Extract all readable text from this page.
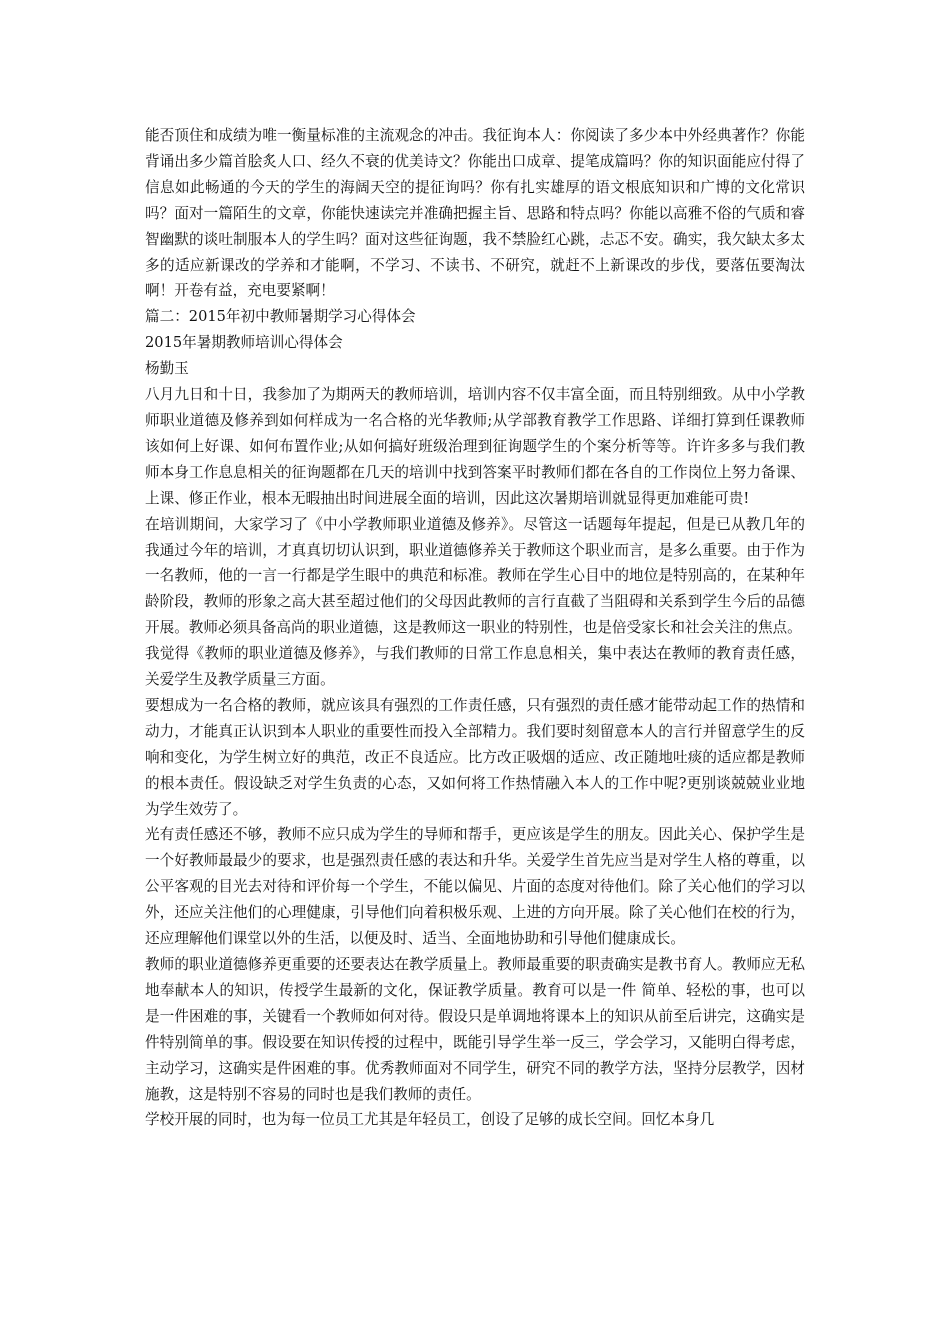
能否顶住和成绩为唯一衡量标准的主流观念的冲击。我征询本人：你阅读了多少本中外经典著作？你能背诵出多少篇首脍炙人口、经久不衰的优美诗文？你能出口成章、提笔成篇吗？你的知识面能应付得了信息如此畅通的今天的学生的海阔天空的提征询吗？你有扎实雄厚的语文根底知识和广博的文化常识吗？面对一篇陌生的文章，你能快速读完并准确把握主旨、思路和特点吗？你能以高雅不俗的气质和睿智幽默的谈吐制服本人的学生吗？面对这些征询题，我不禁脸红心跳，忐忑不安。确实，我欠缺太多太多的适应新课改的学养和才能啊，不学习、不读书、不研究，就赶不上新课改的步伐，要落伍要淘汰啊！开卷有益，充电要紧啊！

篇二：2015年初中教师暑期学习心得体会

2015年暑期教师培训心得体会

杨勤玉

八月九日和十日，我参加了为期两天的教师培训，培训内容不仅丰富全面，而且特别细致。从中小学教师职业道德及修养到如何样成为一名合格的光华教师;从学部教育教学工作思路、详细打算到任课教师该如何上好课、如何布置作业;从如何搞好班级治理到征询题学生的个案分析等等。许许多多与我们教师本身工作息息相关的征询题都在几天的培训中找到答案平时教师们都在各自的工作岗位上努力备课、上课、修正作业，根本无暇抽出时间进展全面的培训，因此这次暑期培训就显得更加难能可贵!

在培训期间，大家学习了《中小学教师职业道德及修养》。尽管这一话题每年提起，但是已从教几年的我通过今年的培训，才真真切切认识到，职业道德修养关于教师这个职业而言，是多么重要。由于作为一名教师，他的一言一行都是学生眼中的典范和标准。教师在学生心目中的地位是特别高的，在某种年龄阶段，教师的形象之高大甚至超过他们的父母因此教师的言行直截了当阻碍和关系到学生今后的品德开展。教师必须具备高尚的职业道德，这是教师这一职业的特别性，也是倍受家长和社会关注的焦点。

我觉得《教师的职业道德及修养》，与我们教师的日常工作息息相关，集中表达在教师的教育责任感，关爱学生及教学质量三方面。

要想成为一名合格的教师，就应该具有强烈的工作责任感，只有强烈的责任感才能带动起工作的热情和动力，才能真正认识到本人职业的重要性而投入全部精力。我们要时刻留意本人的言行并留意学生的反响和变化，为学生树立好的典范，改正不良适应。比方改正吸烟的适应、改正随地吐痰的适应都是教师的根本责任。假设缺乏对学生负责的心态，又如何将工作热情融入本人的工作中呢?更别谈兢兢业业地为学生效劳了。

光有责任感还不够，教师不应只成为学生的导师和帮手，更应该是学生的朋友。因此关心、保护学生是一个好教师最最少的要求，也是强烈责任感的表达和升华。关爱学生首先应当是对学生人格的尊重，以公平客观的目光去对待和评价每一个学生，不能以偏见、片面的态度对待他们。除了关心他们的学习以外，还应关注他们的心理健康，引导他们向着积极乐观、上进的方向开展。除了关心他们在校的行为，还应理解他们课堂以外的生活，以便及时、适当、全面地协助和引导他们健康成长。

教师的职业道德修养更重要的还要表达在教学质量上。教师最重要的职责确实是教书育人。教师应无私地奉献本人的知识，传授学生最新的文化，保证教学质量。教育可以是一件 简单、轻松的事，也可以是一件困难的事，关键看一个教师如何对待。假设只是单调地将课本上的知识从前至后讲完，这确实是件特别简单的事。假设要在知识传授的过程中，既能引导学生举一反三，学会学习，又能明白得考虑，主动学习，这确实是件困难的事。优秀教师面对不同学生，研究不同的教学方法，坚持分层教学，因材施教，这是特别不容易的同时也是我们教师的责任。

学校开展的同时，也为每一位员工尤其是年轻员工，创设了足够的成长空间。回忆本身几
